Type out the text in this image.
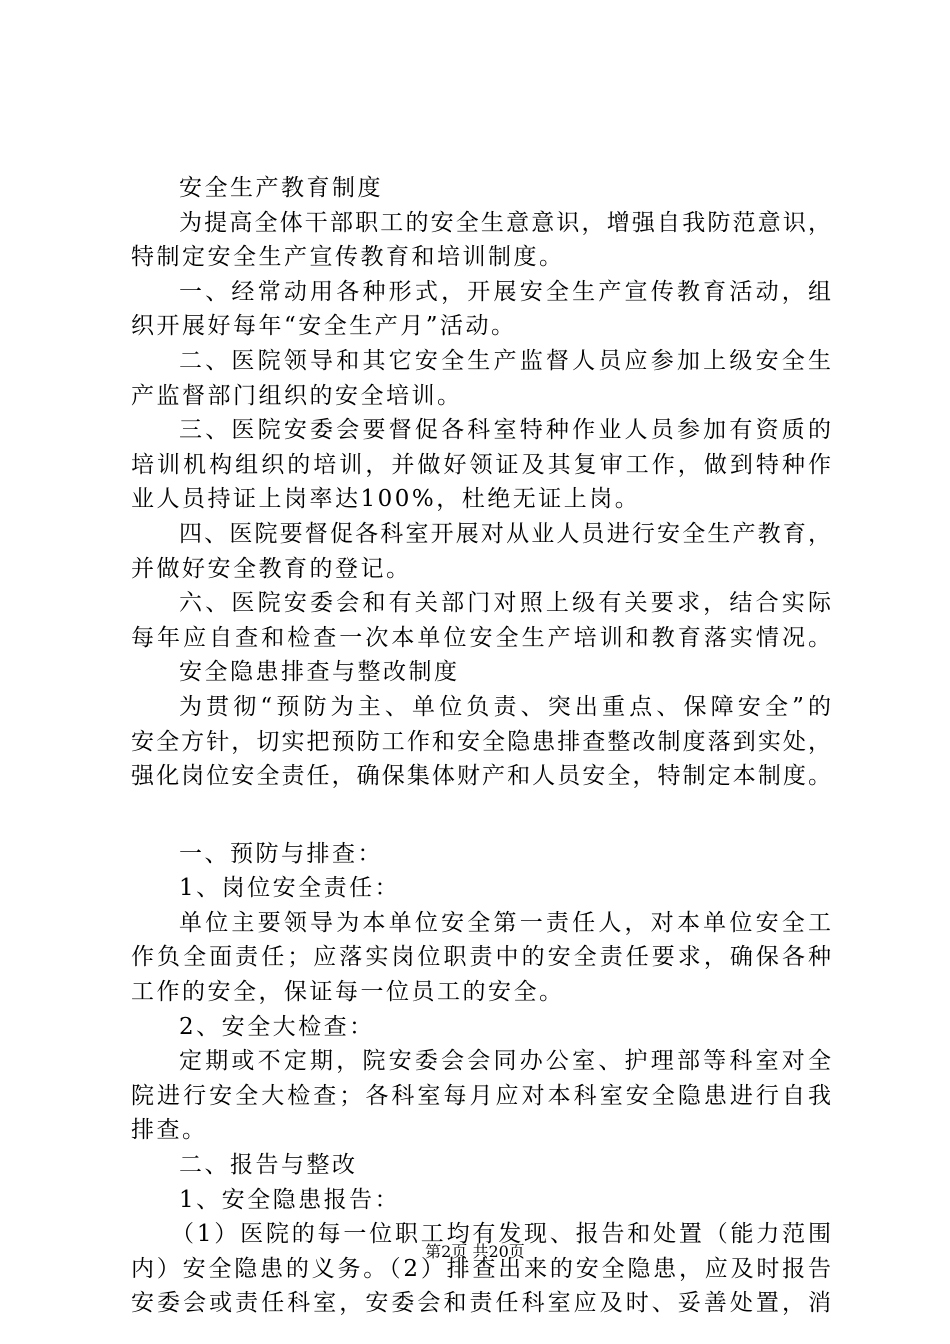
安全生产教育制度
为提高全体干部职工的安全生意意识，增强自我防范意识，
特制定安全生产宣传教育和培训制度。
一、经常动用各种形式，开展安全生产宣传教育活动，组
织开展好每年“安全生产月”活动。
二、医院领导和其它安全生产监督人员应参加上级安全生
产监督部门组织的安全培训。
三、医院安委会要督促各科室特种作业人员参加有资质的
培训机构组织的培训，并做好领证及其复审工作，做到特种作
业人员持证上岗率达100%，杜绝无证上岗。
四、医院要督促各科室开展对从业人员进行安全生产教育，
并做好安全教育的登记。
六、医院安委会和有关部门对照上级有关要求，结合实际
每年应自查和检查一次本单位安全生产培训和教育落实情况。
安全隐患排查与整改制度
为贯彻“预防为主、单位负责、突出重点、保障安全”的
安全方针，切实把预防工作和安全隐患排查整改制度落到实处，
强化岗位安全责任，确保集体财产和人员安全，特制定本制度。
一、预防与排查：
1、岗位安全责任：
单位主要领导为本单位安全第一责任人，对本单位安全工
作负全面责任；应落实岗位职责中的安全责任要求，确保各种
工作的安全，保证每一位员工的安全。
2、安全大检查：
定期或不定期，院安委会会同办公室、护理部等科室对全
院进行安全大检查；各科室每月应对本科室安全隐患进行自我
排查。
二、报告与整改
1、安全隐患报告：
（1）医院的每一位职工均有发现、报告和处置（能力范围
内）安全隐患的义务。（2）排查出来的安全隐患，应及时报告
安委会或责任科室，安委会和责任科室应及时、妥善处置，消
第2页 共20页
